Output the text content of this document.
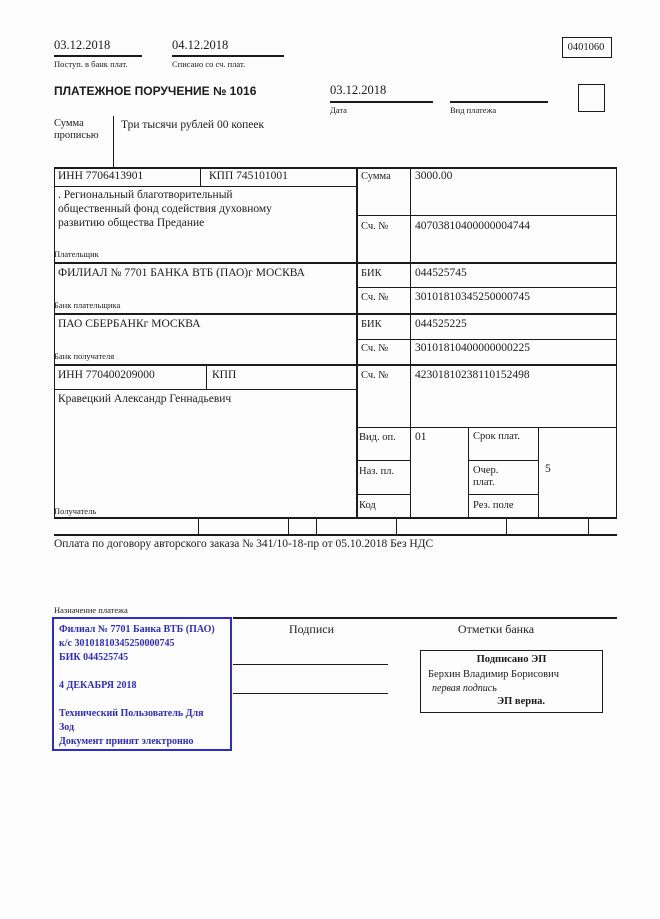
03.12.2018
Поступ. в банк плат.
04.12.2018
Списано со сч. плат.
0401060
ПЛАТЕЖНОЕ ПОРУЧЕНИЕ № 1016	03.12.2018
Дата	Вид платежа
Сумма прописью
Три тысячи рублей 00 копеек
ИНН 7706413901	КПП 745101001	Сумма 3000.00
. Региональный благотворительный
общественный фонд содействия духовному
развитию общества Предание
Плательщик
Сч. № 40703810400000004744
ФИЛИАЛ № 7701 БАНКА ВТБ (ПАО)г МОСКВА
Банк плательщика
БИК	044525745
Сч. № 30101810345250000745
ПАО СБЕРБАНКг МОСКВА
Банк получателя
БИК	044525225
Сч. № 30101810400000000225
ИНН 770400209000	КПП	Сч. № 42301810238110152498
Кравецкий Александр Геннадьевич
Получатель
Вид. оп. 01	Срок плат.
Наз. пл.	Очер. плат.
5
Код	Рез. поле
Оплата по договору авторского заказа № 341/10-18-пр от 05.10.2018 Без НДС
Назначение платежа
Подписи	Отметки банка
Филиал № 7701 Банка ВТБ (ПАО)
к/с 30101810345250000745
БИК 044525745
4 ДЕКАБРЯ 2018
Технический Пользователь Для
Зод
Документ принят электронно
Подписано ЭП
Берхин Владимир Борисович
первая подпись
ЭП верна.
